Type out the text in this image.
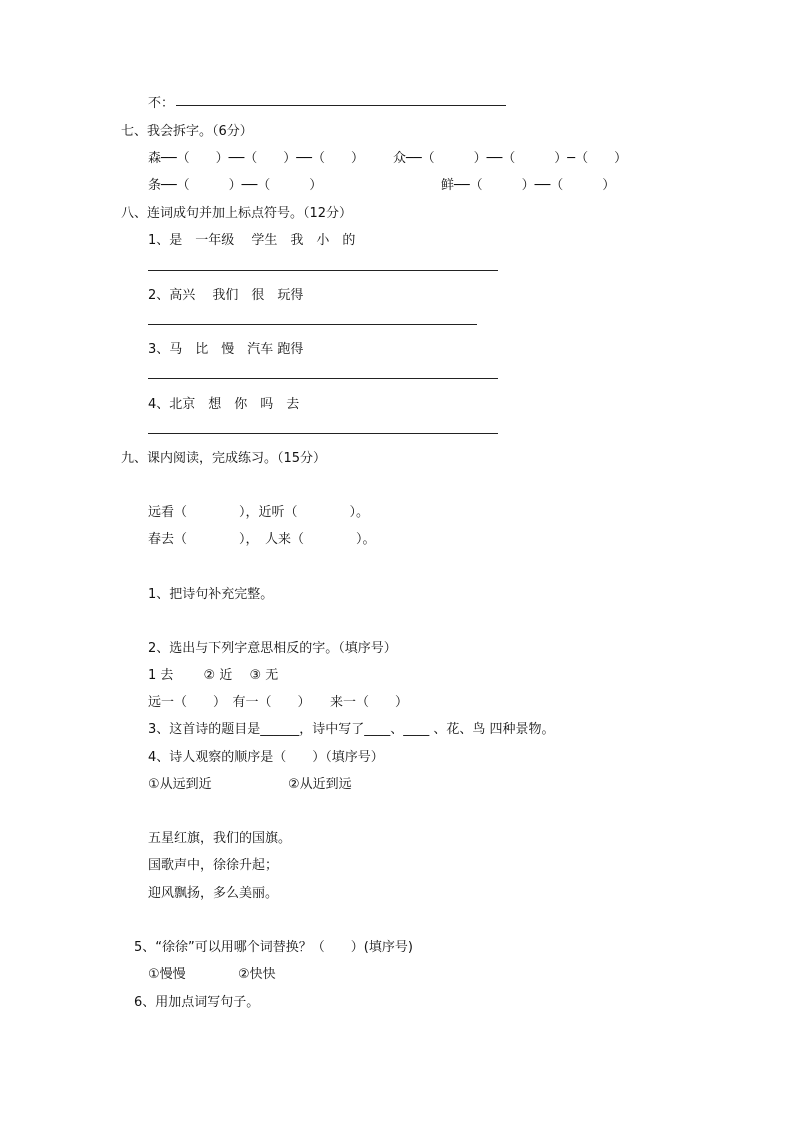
不：
七、我会拆字。（6分）
森──（　　）──（　　）──（　　） 众──（　　　）──（　　　）─（　　）
条──（　　　）──（　　　）	鲜──（　　　）──（　　　）
八、连词成句并加上标点符号。（12分）
1、是　一年级　 学生　我　小　的
2、高兴　 我们　很　玩得
3、马　比　慢　汽车 跑得
4、北京　想　你　吗　去
九、课内阅读，完成练习。（15分）
远看（　　　　），近听（　　　　）。
春去（　　　　），　人来（　　　　）。
1、把诗句补充完整。
2、选出与下列字意思相反的字。（填序号）
1 去　　 ② 近　 ③ 无
远一（　　）　有一（　　）　　来一（　　）
3、这首诗的题目是______，诗中写了____、____ 、花、鸟 四种景物。
4、诗人观察的顺序是（　　）（填序号）
①从远到近	②从近到远
五星红旗，我们的国旗。
国歌声中，徐徐升起；
迎风飘扬，多么美丽。
5、“徐徐”可以用哪个词替换？（　　）(填序号)
①慢慢	②快快
6、用加点词写句子。
